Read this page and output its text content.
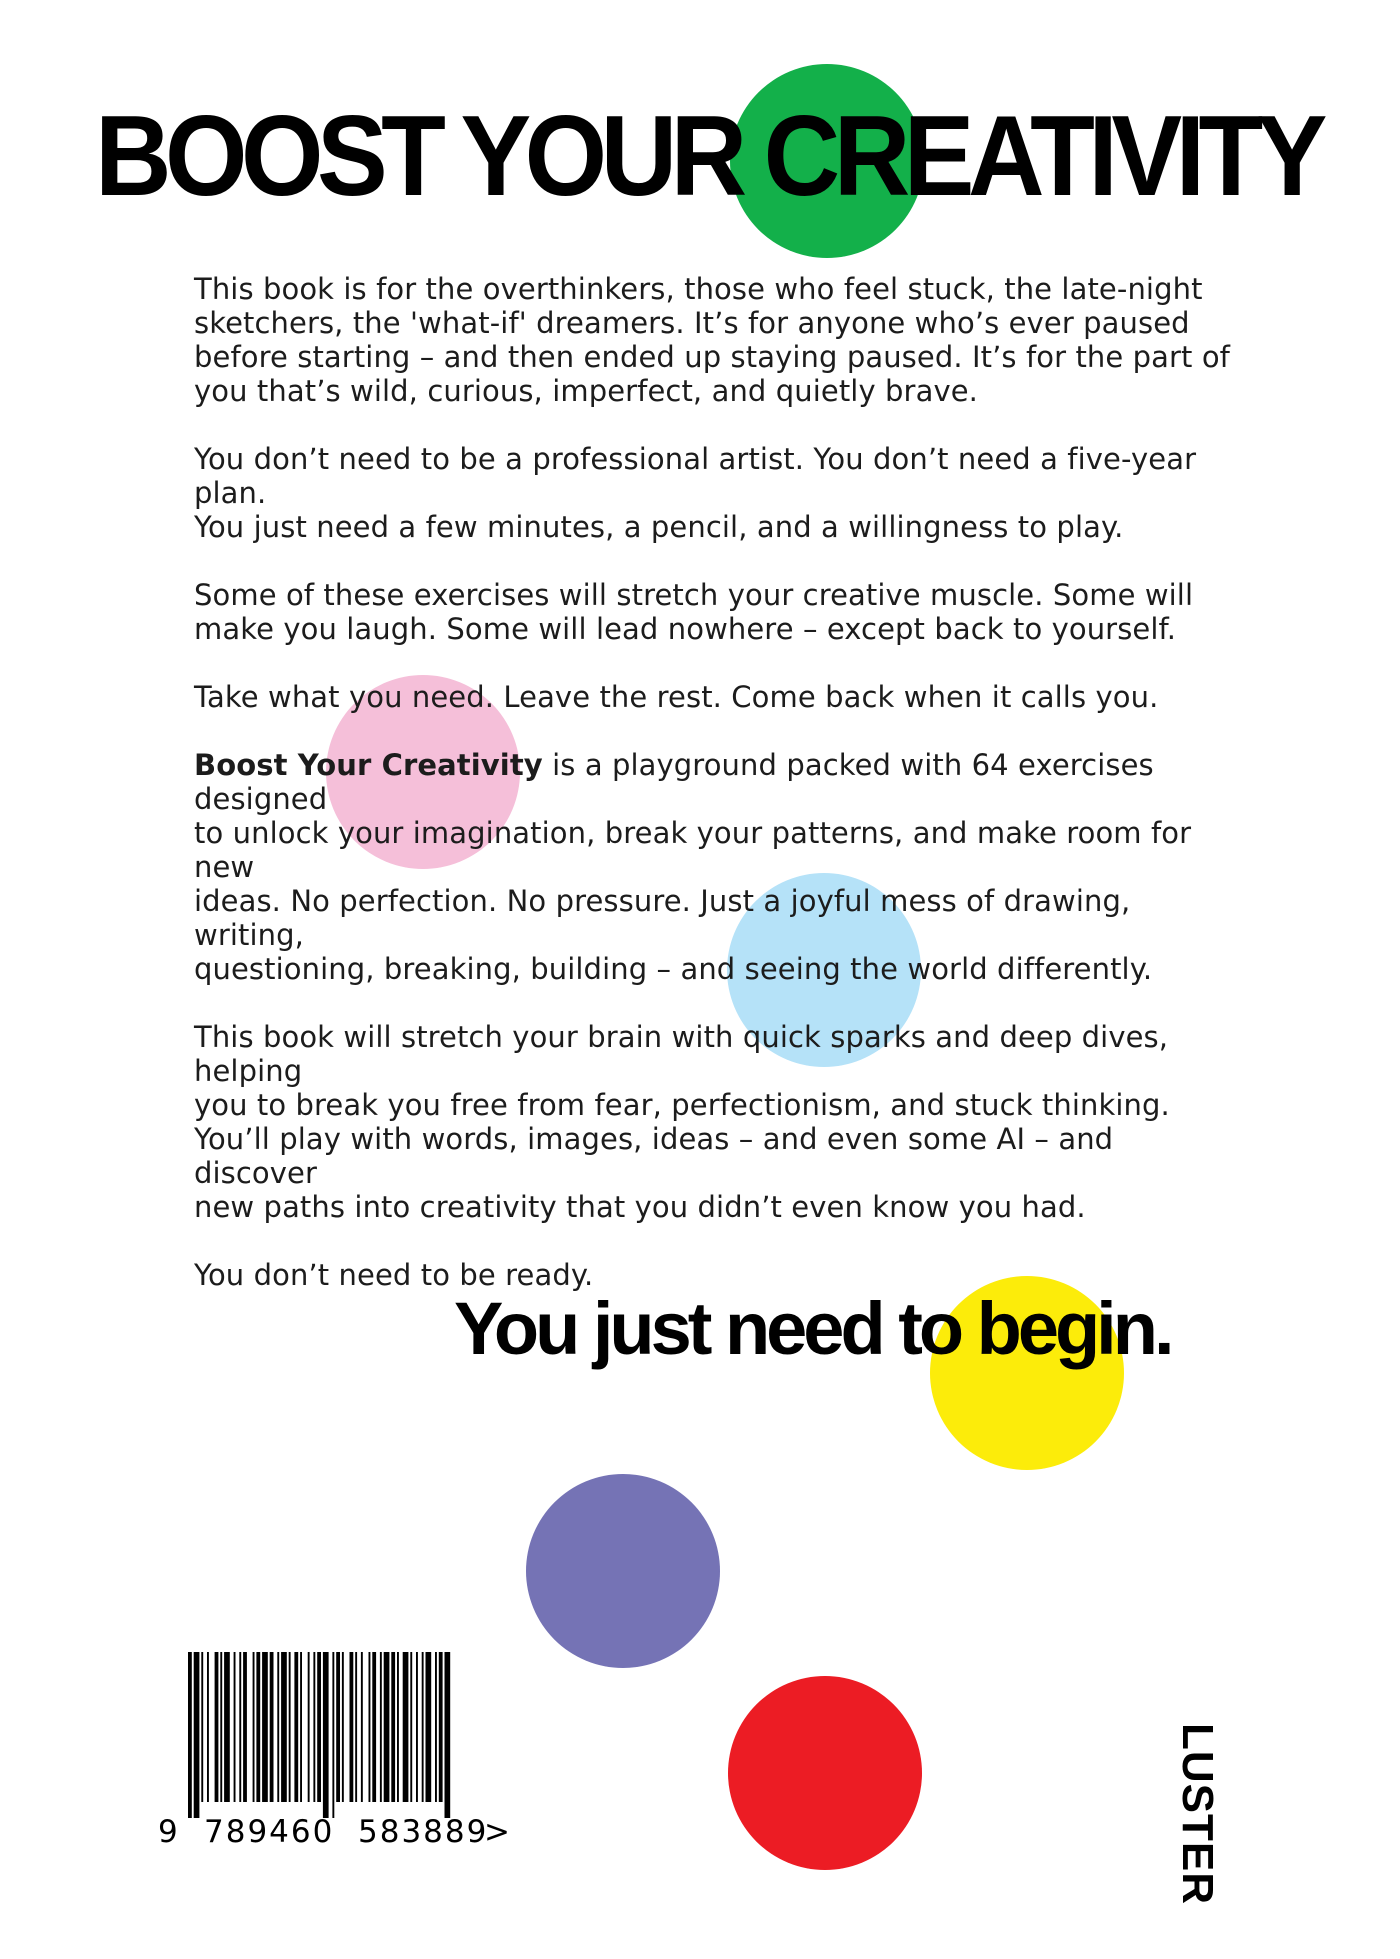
BOOST YOUR CREATIVITY

This book is for the overthinkers, those who feel stuck, the late-night
sketchers, the 'what-if' dreamers. It’s for anyone who’s ever paused
before starting – and then ended up staying paused. It’s for the part of
you that’s wild, curious, imperfect, and quietly brave.

You don’t need to be a professional artist. You don’t need a five-year plan.
You just need a few minutes, a pencil, and a willingness to play.

Some of these exercises will stretch your creative muscle. Some will
make you laugh. Some will lead nowhere – except back to yourself.

Take what you need. Leave the rest. Come back when it calls you.

Boost Your Creativity is a playground packed with 64 exercises designed
to unlock your imagination, break your patterns, and make room for new
ideas. No perfection. No pressure. Just a joyful mess of drawing, writing,
questioning, breaking, building – and seeing the world differently.

This book will stretch your brain with quick sparks and deep dives, helping
you to break you free from fear, perfectionism, and stuck thinking.
You’ll play with words, images, ideas – and even some AI – and discover
new paths into creativity that you didn’t even know you had.

You don’t need to be ready.

You just need to begin.
9 789460 583889
>	LUSTER
